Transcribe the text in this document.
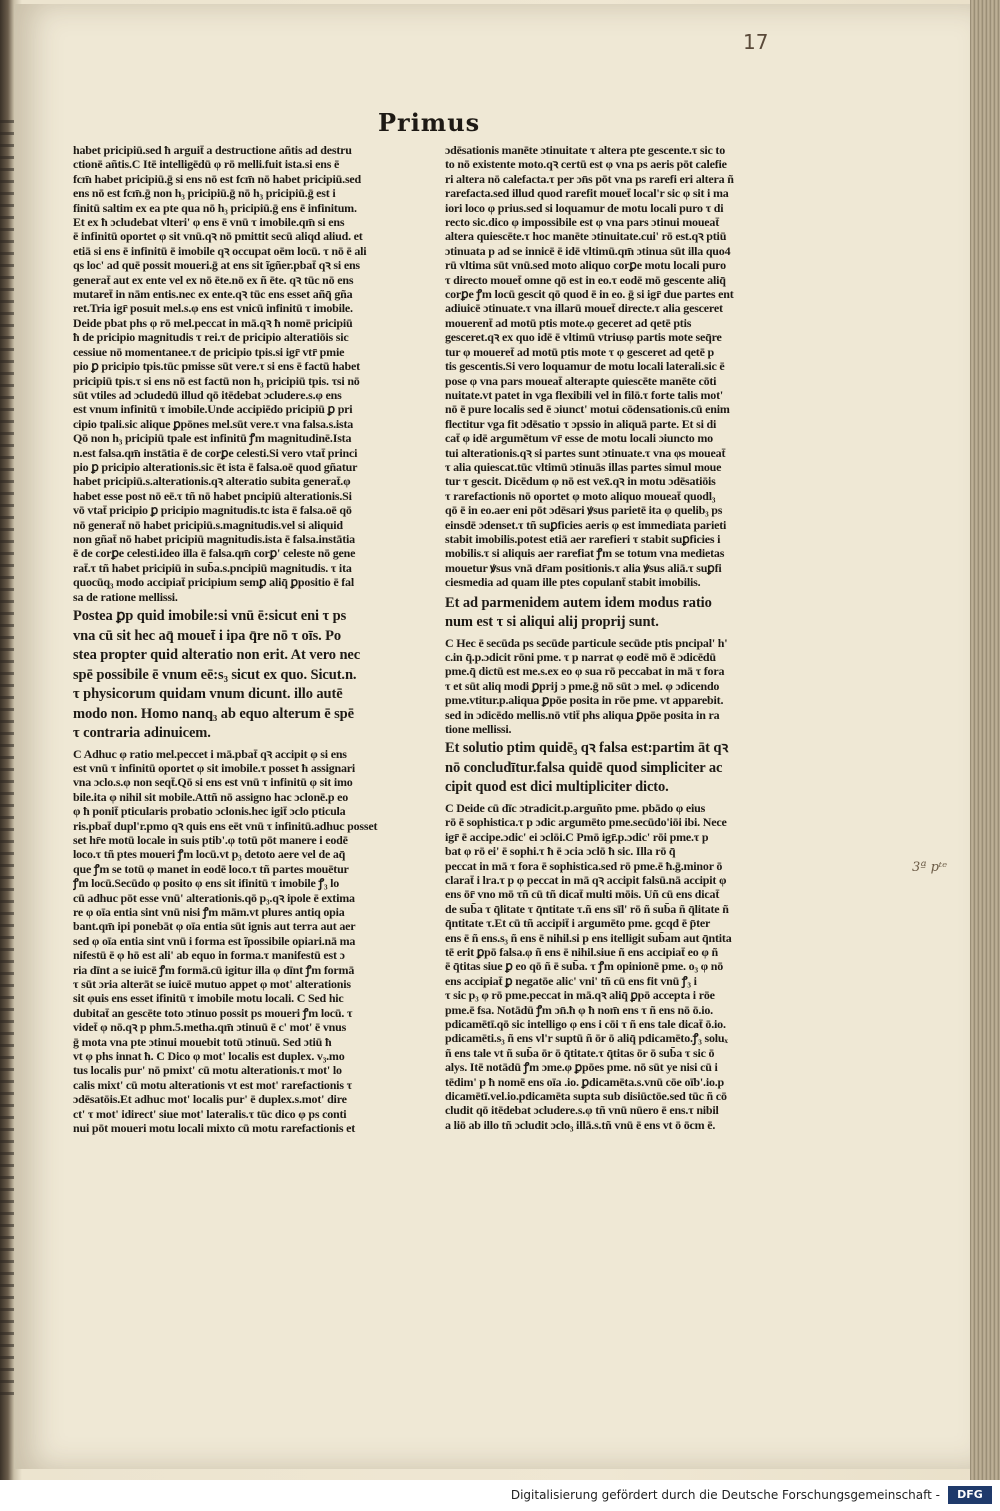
17
Primus

habet pricipiū.sed ħ arguit̄ a destructione añtis ad destru

ctionē añtis.C Itē intelligēdū φ rō melli.fuit ista.si ens ē

fcm̄ habet pricipiū.ḡ si ens nō est fcm̄ nō habet pricipiū.sed

ens nō est fcm̄.ḡ non h₃ pricipiū.ḡ nō h₃ pricipiū.ḡ est i

finitū saltim ex ea pte qua nō h₃ pricipiū.ḡ ens ē infinitum.

Et ex ħ ɔcludebat vlteri' φ ens ē vnū τ imobile.qm̄ si ens

ē infinitū oportet φ sit vnū.qꝛ nō pmittit secū aliqd aliud. et

etiā si ens ē infinitū ē imobile qꝛ occupat oēm locū. τ nō ē ali

qs loc' ad quē possit moueri.ḡ at ens sit ĩgñer.pbat̄ qꝛ si ens

generat̄ aut ex ente vel ex nō ēte.nō ex ñ ēte. qꝛ tūc nō ens

mutaret̄ in nām entis.nec ex ente.qꝛ tūc ens esset añq̄ gña

ret.Tria igr̄ posuit mel.s.φ ens est vnicū infinitū τ imobile.

Deide pbat phs φ rō mel.peccat in mā.qꝛ ħ nomē pricipiū

ħ de pricipio magnitudis τ rei.τ de pricipio alteratiōis sic

cessiue nō momentanee.τ de pricipio tpis.si igr̄ vtr̄ pmie

pio ꝑ pricipio tpis.tūc pmisse sūt vere.τ si ens ē factū habet

pricipiū tpis.τ si ens nō est factū non h₃ pricipiū tpis. τsi nō

sūt vtiles ad ɔcludedū illud qō itēdebat ɔcludere.s.φ ens

est vnum infinitū τ imobile.Unde accipiēdo pricipiū ꝑ pri

cipio tpali.sic alique ꝑpōnes mel.sūt vere.τ vna falsa.s.ista

Qō non h₃ pricipiū tpale est infinitū ꝭm magnitudinē.Ista

n.est falsa.qm̄ instātia ē de corꝑe celesti.Si vero vtat̄ princi

pio ꝑ pricipio alterationis.sic ēt ista ē falsa.oē quod gñatur

habet pricipiū.s.alterationis.qꝛ alteratio subita generat̄.φ

habet esse post nō eē.τ tñ nō habet pncipiū alterationis.Si

vō vtat̄ pricipio ꝑ pricipio magnitudis.tc ista ē falsa.oē qō

nō generat̄ nō habet pricipiū.s.magnitudis.vel si aliquid

non gñat̄ nō habet pricipiū magnitudis.ista ē falsa.instātia

ē de corꝑe celesti.ideo illa ē falsa.qm̄ corꝑ' celeste nō gene

rat̄.τ tñ habet pricipiū in sub̄a.s.pncipiū magnitudis. τ ita

quocūq₃ modo accipiat̄ pricipium semꝑ aliq̄ ꝑpositio ē fal

sa de ratione mellissi.

Postea ꝑp quid imobile:si vnū ē:sicut eni τ ps

vna cū sit hec aq̄ mouet̄ i ipa q̄re nō τ oīs. Po

stea propter quid alteratio non erit. At vero nec

spē possibile ē vnum eē:s₃ sicut ex quo. Sicut.n.

τ physicorum quidam vnum dicunt. illo autē

modo non. Homo nanq₃ ab equo alterum ē spē

τ contraria adinuicem.

C Adhuc φ ratio mel.peccet i mā.pbat̄ qꝛ accipit φ si ens

est vnū τ infinitū oportet φ sit imobile.τ posset ħ assignari

vna ɔclo.s.φ non seqt̄.Qō si ens est vnū τ infinitū φ sit imo

bile.ita φ nihil sit mobile.Attñ nō assigno hac ɔclonē.p eo

φ ħ ponit̄ pticularis probatio ɔclonis.hec igit̄ ɔclo pticula

ris.pbat̄ dupl'r.pmo qꝛ quis ens eēt vnū τ infinitū.adhuc posset

set hr̄e motū locale in suis ptib'.φ totū pōt manere i eodē

loco.τ tñ ptes moueri ꝭm locū.vt p₃ detoto aere vel de aq̄

que ꝭm se totū φ manet in eodē loco.τ tñ partes mouētur

ꝭm locū.Secūdo φ posito φ ens sit ifinitū τ imobile ꝭ₃ lo

cū adhuc pōt esse vnū' alterationis.qō p₃.qꝛ ipole ē extima

re φ oīa entia sint vnū nisi ꝭm mām.vt plures antiq opia

bant.qm̄ ipi ponebāt φ oīa entia sūt ignis aut terra aut aer

sed φ oīa entia sint vnū i forma est ĩpossibile opiari.nā ma

nifestū ē φ hō est ali' ab equo in forma.τ manifestū est ɔ

ria dīnt a se iuicē ꝭm formā.cū igitur illa φ dīnt ꝭm formā

τ sūt ɔria alterāt se iuicē mutuo appet φ mot' alterationis

sit φuis ens esset ifinitū τ imobile motu locali. C Sed hic

dubitat̄ an gescēte toto ɔtinuo possit ps moueri ꝭm locū. τ

videt̄ φ nō.qꝛ p phm.5.metha.qm̄ ɔtinuū ē c' mot' ē vnus

ḡ mota vna pte ɔtinui mouebit totū ɔtinuū. Sed ɔtiū ħ

vt φ phs innat ħ. C Dico φ mot' localis est duplex. v₃.mo

tus localis pur' nō pmixt' cū motu alterationis.τ mot' lo

calis mixt' cū motu alterationis vt est mot' rarefactionis τ

ɔdēsatōis.Et adhuc mot' localis pur' ē duplex.s.mot' dire

ct' τ mot' idirect' siue mot' lateralis.τ tūc dico φ ps conti

nui pōt moueri motu locali mixto cū motu rarefactionis et

ɔdēsationis manēte ɔtinuitate τ altera pte gescente.τ sic to

to nō existente moto.qꝛ certū est φ vna ps aeris pōt calefie

ri altera nō calefacta.τ per ɔn̄s pōt vna ps rarefi eri altera ñ

rarefacta.sed illud quod rarefit mouet̄ local'r sic φ sit i ma

iori loco φ prius.sed si loquamur de motu locali puro τ di

recto sic.dico φ impossibile est φ vna pars ɔtinui moueat̄

altera quiescēte.τ hoc manēte ɔtinuitate.cui' rō est.qꝛ ptiū

ɔtinuata p ad se innicē ē idē vltimū.qm̄ ɔtinua sūt illa quo4

rū vltima sūt vnū.sed moto aliquo corꝑe motu locali puro

τ directo mouet̄ omne qō est in eo.τ eodē mō gescente aliq̄

corꝑe ꝭm locū gescit qō quod ē in eo. ḡ si igr̄ due partes ent

adiuicē ɔtinuate.τ vna illarū mouet̄ directe.τ alia gesceret

mouerent̄ ad motū ptis mote.φ geceret ad qetē ptis

gesceret.qꝛ ex quo idē ē vltimū vtriusφ partis mote seq̄re

tur φ moueret̄ ad motū ptis mote τ φ gesceret ad qetē p

tis gescentis.Si vero loquamur de motu locali laterali.sic ē

pose φ vna pars moueat̄ alterapte quiescēte manēte cōti

nuitate.vt patet in vga flexibili vel in filō.τ forte talis mot'

nō ē pure localis sed ē ɔiunct' motui cōdensationis.cū enim

flectitur vga fit ɔdēsatio τ ɔpssio in aliquā parte. Et si di

cat̄ φ idē argumētum vr̄ esse de motu locali ɔiuncto mo

tui alterationis.qꝛ si partes sunt ɔtinuate.τ vna φs moueat̄

τ alia quiescat.tūc vltimū ɔtinuās illas partes simul moue

tur τ gescit. Dicēdum φ nō est vex̄.qꝛ in motu ɔdēsatiōis

τ rarefactionis nō oportet φ moto aliquo moueat̄ quodl₃

qō ē in eo.aer eni pōt ɔdēsari ꝟsus parietē ita φ quelib₃ ps

einsdē ɔdenset.τ tñ suꝑficies aeris φ est immediata parieti

stabit imobilis.potest etiā aer rarefieri τ stabit suꝑficies i

mobilis.τ si aliquis aer rarefiat ꝭm se totum vna medietas

mouetur ꝟsus vnā dr̄am positionis.τ alia ꝟsus aliā.τ suꝑfi

ciesmedia ad quam ille ptes copulant̄ stabit imobilis.

Et ad parmenidem autem idem modus ratio

num est τ si aliqui alij proprij sunt.

C Hec ē secūda ps secūde particule secūde ptis pncipal' h'

c.in q̄.p.ɔdicit rōni pme. τ p narrat φ eodē mō ē ɔdicēdū

pme.q̄ dictū est me.s.ex eo φ sua rō peccabat in mā τ fora

τ et sūt aliq modi ꝑprij ɔ pme.ḡ nō sūt ɔ mel. φ ɔdicendo

pme.vtitur.p.aliqua ꝑpōe posita in rōe pme. vt apparebit.

sed in ɔdicēdo mellis.nō vtit̄ phs aliqua ꝑpōe posita in ra

tione mellissi.

Et solutio ptim quidē₃ qꝛ falsa est:partim āt qꝛ

nō concludītur.falsa quidē quod simpliciter ac

cipit quod est dici multipliciter dicto.

C Deide cū dīc ɔtradicit.p.arguñto pme. pbādo φ eius

rō ē sophistica.τ p ɔdic argumēto pme.secūdo'iōi ibi. Nece

igr̄ ē accipe.ɔdic' ei ɔclōi.C Pmō igr̄.p.ɔdic' rōi pme.τ p

bat φ rō ei' ē sophi.τ ħ ē ɔcia ɔclō ħ sic. Illa rō q̄

peccat in mā τ fora ē sophistica.sed rō pme.ē ħ.ḡ.minor ō

clarat̄ i lra.τ p φ peccat in mā qꝛ accipit falsū.nā accipit φ

ens ōr̄ vno mō τñ cū tñ dicat̄ multi mōis. Uñ cū ens dicat̄

de sub̄a τ q̄litate τ q̄ntitate τ.ñ ens sīl' rō ñ sub̄a ñ q̄litate ñ

q̄ntitate τ.Et cū tñ accipit̄ i argumēto pme. gcqd ē p̄ter

ens ē ñ ens.s₃ ñ ens ē nihil.si p ens itelligit sub̄am aut q̄ntita

tē erit ꝑpō falsa.φ ñ ens ē nihil.siue ñ ens accipiat̄ eo φ ñ

ē q̄titas siue ꝑ eo qō ñ ē sub̄a. τ ꝭm opinionē pme. o₃ φ nō

ens accipiat̄ ꝑ negatōe alic' vni' tñ cū ens fit vnū ꝭ₃ i

τ sic p₃ φ rō pme.peccat in mā.qꝛ aliq̄ ꝑpō accepta i rōe

pme.ē fsa. Notādū ꝭm ɔn̄.ħ φ ħ nom̄ ens τ ñ ens nō ō.io.

pdicamētī.qō sic intelligo φ ens i cōi τ ñ ens tale dicat̄ ō.io.

pdicamēti.s₃ ñ ens vl'r suptū ñ ōr ō aliq̄ pdicamēto.ꝭ₃ soluₓ

ñ ens tale vt ñ sub̄a ōr ō q̄titate.τ q̄titas ōr ō sub̄a τ sic ō

alys. Itē notādū ꝭm ɔme.φ ꝑpōes pme. nō sūt ye nisi cū i

tēdim' p ħ nomē ens oīa .io. ꝑdicamēta.s.vnū cōe oīb'.io.p

dicamētī.vel.io.pdicamēta supta sub disiūctōe.sed tūc ñ cō

cludit qō itēdebat ɔcludere.s.φ tñ vnū nūero ē ens.τ nibil

a liō ab illo tñ ɔcludit ɔclo₃ illā.s.tñ vnū ē ens vt ō ōcm ē.

3ª pᵗᵉ
Digitalisierung gefördert durch die Deutsche Forschungsgemeinschaft -	DFG
